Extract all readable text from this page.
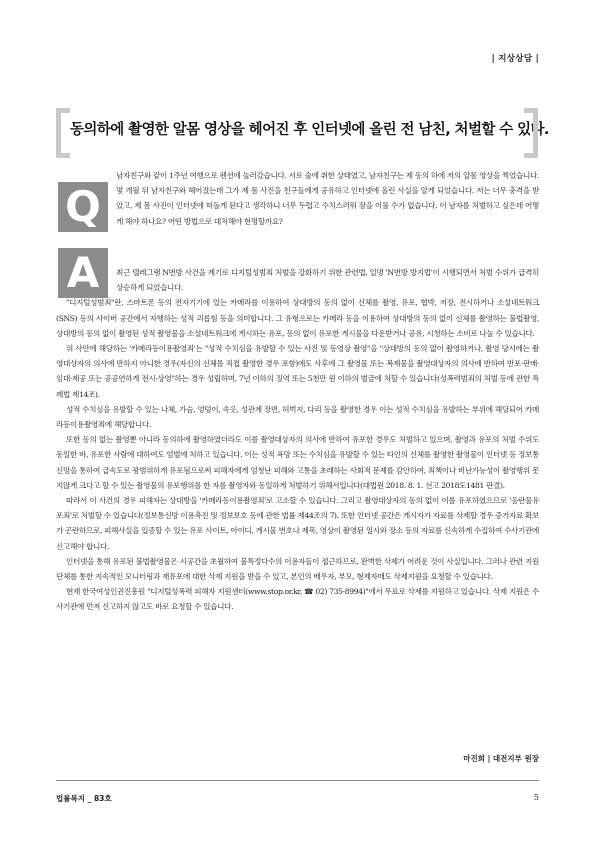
| 지상상담 |
동의하에 촬영한 알몸 영상을 헤어진 후 인터넷에 올린 전 남친, 처벌할 수 있다.
Q

남자친구와 같이 1주년 여행으로 펜션에 놀러갔습니다. 서로 술에 취한 상태였고, 남자친구는 제 동의 하에 저의 알몸 영상을 찍었습니다. 몇 개월 뒤 남자친구와 헤어졌는데 그가 제 몸 사진을 친구들에게 공유하고 인터넷에 올린 사실을 알게 되었습니다. 저는 너무 충격을 받았고, 제 몸 사진이 인터넷에 떠돌게 된다고 생각하니 너무 두렵고 수치스러워 잠을 이룰 수가 없습니다. 이 남자를 처벌하고 싶은데 어떻게 해야 하나요? 어떤 방법으로 대처해야 현명할까요?

A	최근 텔레그램 N번방 사건을 계기로 디지털성범죄 처벌을 강화하기 위한 관련법, 일명 'N번방 방지법'이 시행되면서 처벌 수위가 급격히 상승하게 되었습니다.

"디지털성범죄"란, 스마트폰 등의 전자기기에 있는 카메라를 이용하여 상대방의 동의 없이 신체를 촬영, 유포, 협박, 저장, 전시하거나 소셜네트워크(SNS) 등의 사이버 공간에서 자행하는 성적 괴롭힘 등을 의미합니다. 그 유형으로는 카메라 등을 이용하여 상대방의 동의 없이 신체를 촬영하는 불법촬영, 상대방의 동의 없이 촬영된 성적 촬영물을 소셜네트워크에 게시하는 유포, 등의 없이 유포한 게시물을 다운받거나 공유, 시청하는 소비로 나눌 수 있습니다.

위 사안에 해당하는 '카메라등이용촬영죄'는 "성적 수치심을 유발할 수 있는 사진 및 동영상 촬영"을 "상대방의 동의 없이 촬영하거나, 촬영 당시에는 촬영대상자의 의사에 반하지 아니한 경우(자신의 신체를 직접 촬영한 경우 포함)에도 사후에 그 촬영물 또는 복제물을 촬영대상자의 의사에 반하여 반포·판매·임대·제공 또는 공공연하게 전시·상영"하는 경우 성립하며, 7년 이하의 징역 또는 5천만 원 이하의 벌금에 처할 수 있습니다(성폭력범죄의 처벌 등에 관한 특례법 제14조).

성적 수치심을 유발할 수 있는 나체, 가슴, 엉덩이, 속옷, 성관계 장면, 허벅지, 다리 등을 촬영한 경우 이는 성적 수치심을 유발하는 부위에 해당되어 카메라등이용촬영죄에 해당합니다.

또한 동의 없는 촬영뿐 아니라 동의하에 촬영하였더라도 이를 촬영대상자의 의사에 반하여 유포한 경우도 처벌하고 있으며, 촬영과 유포의 처벌 수위도 동일한 바, 유포한 사람에 대하여도 엄벌에 처하고 있습니다. 이는 성적 욕망 또는 수치심을 유발할 수 있는 타인의 신체를 촬영한 촬영물이 인터넷 등 정보통신망을 통하여 급속도로 광범위하게 유포됨으로써 피해자에게 엄청난 피해와 고통을 초래하는 사회적 문제를 감안하여, 죄책이나 비난가능성이 촬영행위 못지않게 크다고 할 수 있는 촬영물의 유포행위를 한 자를 촬영자와 동일하게 처벌하기 위해서입니다(대법원 2018. 8. 1. 선고 2018도1481 판결).

따라서 이 사건의 경우 피해자는 상대방을 '카메라등이용촬영죄'로 고소할 수 있습니다. 그리고 촬영대상자의 동의 없이 이를 유포하였으므로 '음란물유포죄'로 처벌할 수 있습니다(정보통신망 이용촉진 및 정보보호 등에 관한 법률 제44조의 7). 또한 인터넷 공간은 게시자가 자료를 삭제할 경우 증거자료 확보가 곤란하므로, 피해사실을 입증할 수 있는 유포 사이트, 아이디, 게시물 번호나 제목, 영상이 촬영된 일시와 장소 등의 자료를 신속하게 수집하여 수사기관에 신고해야 합니다.

인터넷을 통해 유포된 불법촬영물은 시공간을 초월하여 불특정다수의 이용자들이 접근하므로, 완벽한 삭제가 어려운 것이 사실입니다. 그러나 관련 지원 단체를 통한 지속적인 모니터링과 재유포에 대한 삭제 지원을 받을 수 있고, 본인의 배우자, 부모, 형제자매도 삭제지원을 요청할 수 있습니다.

현재 한국여성인권진흥원 "디지털성폭력 피해자 지원센터(www.stop.or.kr, ☎ 02) 735-8994)"에서 무료로 삭제를 지원하고 있습니다. 삭제 지원은 수사기관에 먼저 신고하지 않고도 바로 요청할 수 있습니다.

마진희 | 대전지부 원장
법률복지 _ 83호	5
